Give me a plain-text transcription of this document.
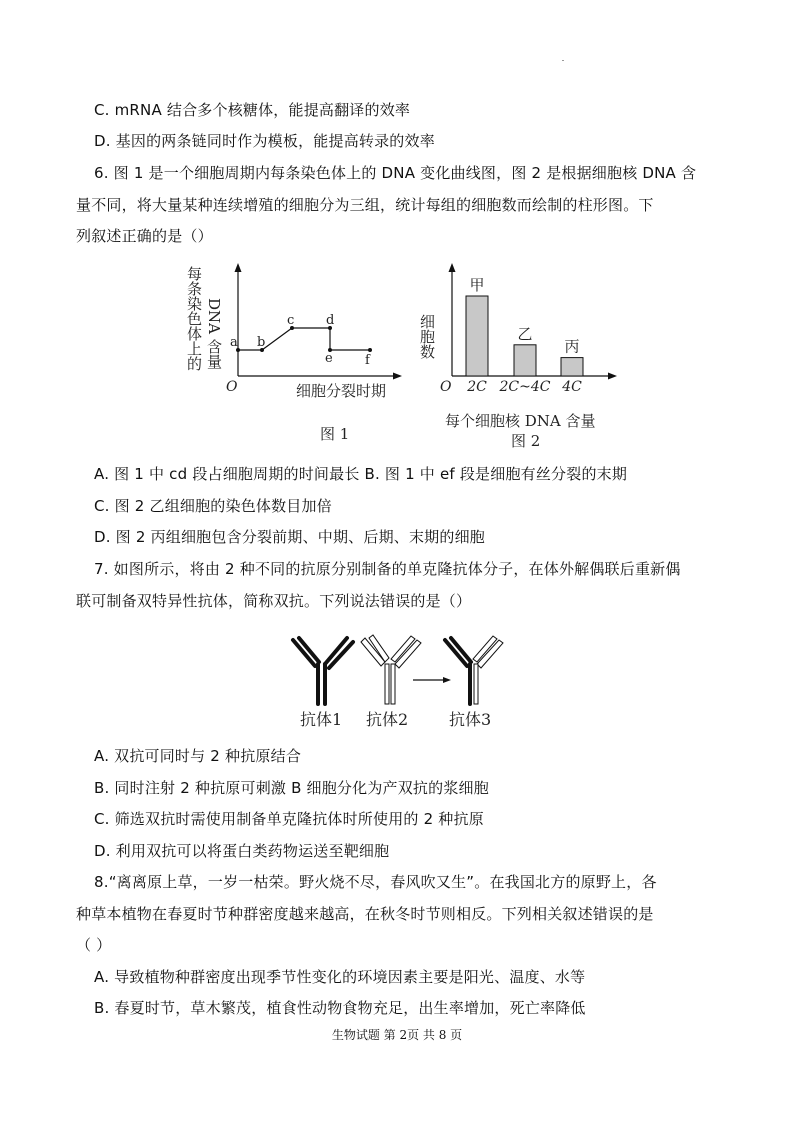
C. mRNA 结合多个核糖体，能提高翻译的效率
D. 基因的两条链同时作为模板，能提高转录的效率
6. 图 1 是一个细胞周期内每条染色体上的 DNA 变化曲线图，图 2 是根据细胞核 DNA 含
量不同，将大量某种连续增殖的细胞分为三组，统计每组的细胞数而绘制的柱形图。下
列叙述正确的是（）
每条染色体上的 DNA 含量 a b
c d
e f
O	细胞分裂时期
图 1
细胞数
甲
2C
乙
2C~4C
丙
4C
O
每个细胞核 DNA 含量
图 2
A. 图 1 中 cd 段占细胞周期的时间最长 B. 图 1 中 ef 段是细胞有丝分裂的末期
C. 图 2 乙组细胞的染色体数目加倍
D. 图 2 丙组细胞包含分裂前期、中期、后期、末期的细胞
7. 如图所示，将由 2 种不同的抗原分别制备的单克隆抗体分子，在体外解偶联后重新偶
联可制备双特异性抗体，简称双抗。下列说法错误的是（）
抗体1 抗体2	抗体3
A. 双抗可同时与 2 种抗原结合
B. 同时注射 2 种抗原可刺激 B 细胞分化为产双抗的浆细胞
C. 筛选双抗时需使用制备单克隆抗体时所使用的 2 种抗原
D. 利用双抗可以将蛋白类药物运送至靶细胞
8.“离离原上草，一岁一枯荣。野火烧不尽，春风吹又生”。在我国北方的原野上，各
种草本植物在春夏时节种群密度越来越高，在秋冬时节则相反。下列相关叙述错误的是
（ ）
A. 导致植物种群密度出现季节性变化的环境因素主要是阳光、温度、水等
B. 春夏时节，草木繁茂，植食性动物食物充足，出生率增加，死亡率降低
生物试题 第 2页 共 8 页
